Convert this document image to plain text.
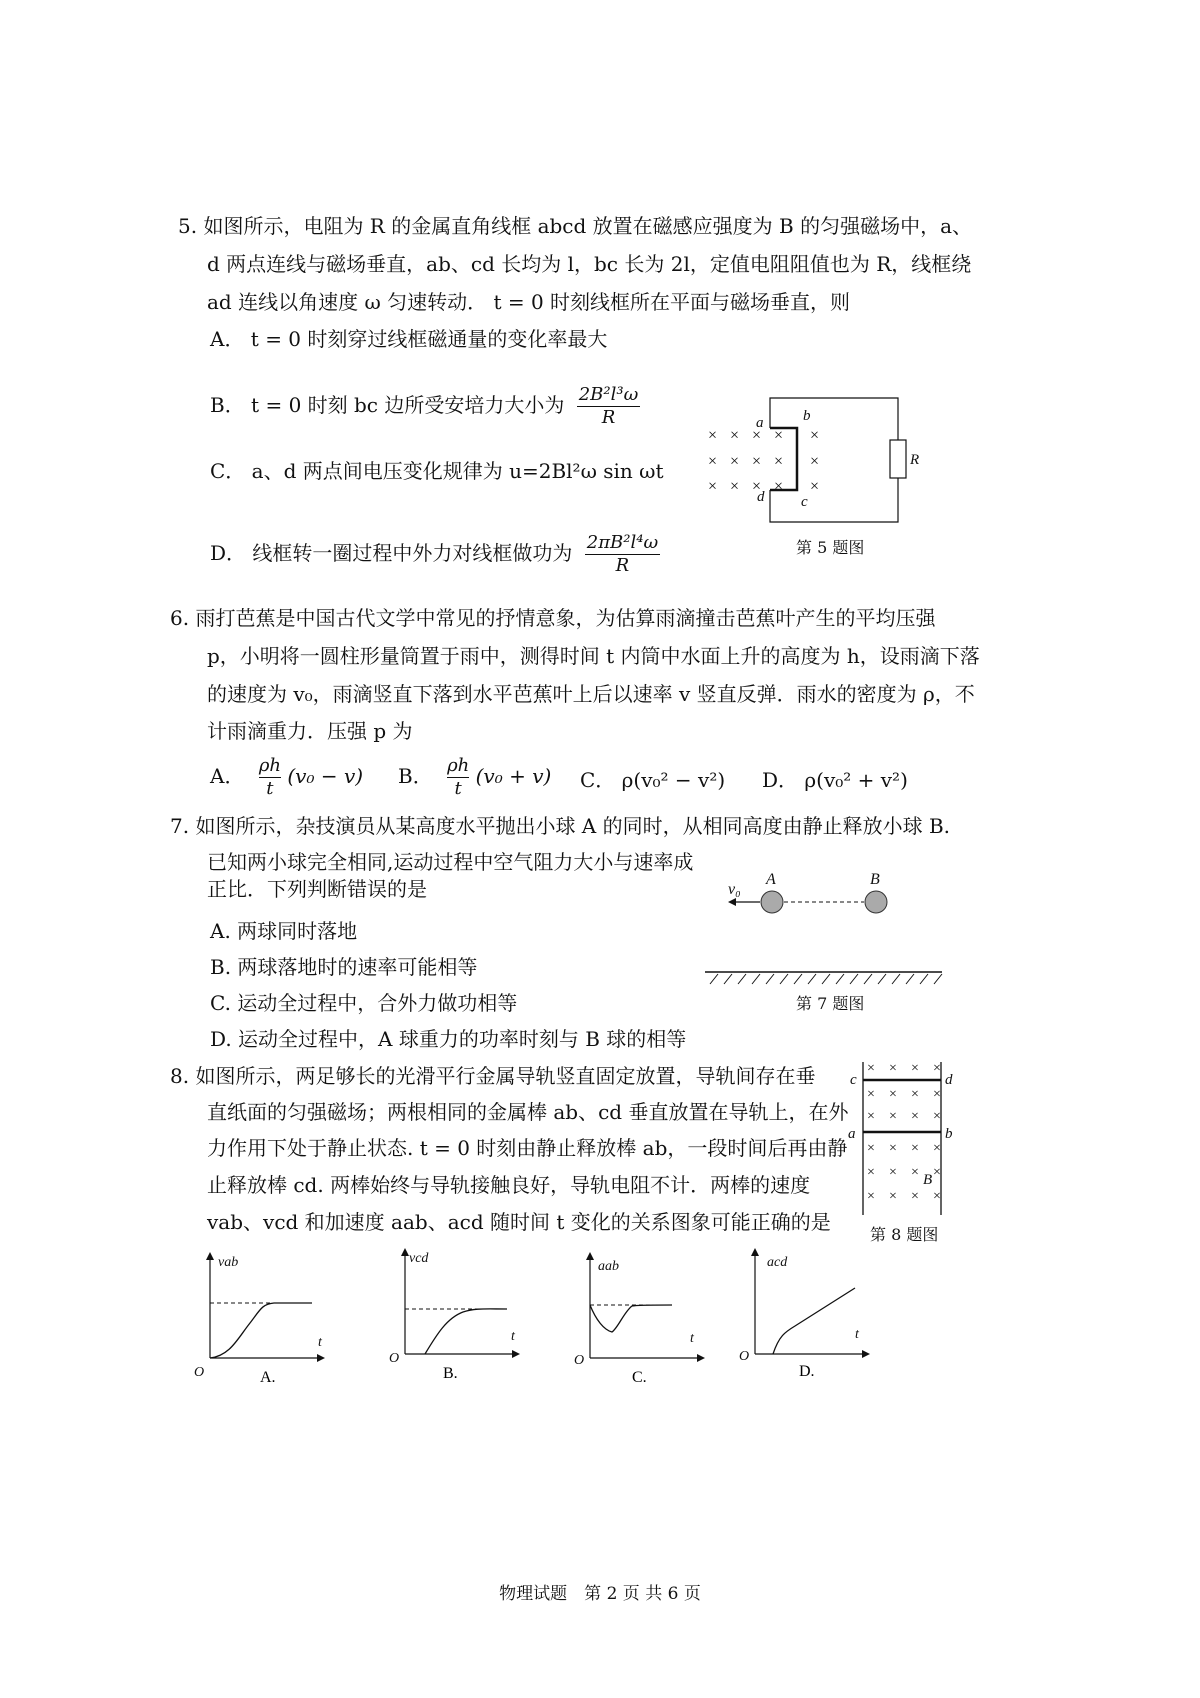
5. 如图所示，电阻为 R 的金属直角线框 abcd 放置在磁感应强度为 B 的匀强磁场中，a、
d 两点连线与磁场垂直，ab、cd 长均为 l，bc 长为 2l，定值电阻阻值也为 R，线框绕
ad 连线以角速度 ω 匀速转动． t = 0 时刻线框所在平面与磁场垂直，则
A． t = 0 时刻穿过线框磁通量的变化率最大
B． t = 0 时刻 bc 边所受安培力大小为 $\frac{\text{2B²l³ω}}{R}$
C． a、d 两点间电压变化规律为 u=2Bl²ω sin ωt
D． 线框转一圈过程中外力对线框做功为 $\frac{\text{2πB²l⁴ω}}{R}$
× × × × ×
× × × × ×
× × × × ×
a	b
c
d
R
第 5 题图
6. 雨打芭蕉是中国古代文学中常见的抒情意象，为估算雨滴撞击芭蕉叶产生的平均压强
p，小明将一圆柱形量筒置于雨中，测得时间 t 内筒中水面上升的高度为 h，设雨滴下落
的速度为 v₀，雨滴竖直下落到水平芭蕉叶上后以速率 v 竖直反弹．雨水的密度为 ρ，不
计雨滴重力．压强 p 为
A． $\frac{\rho h}{t} (v_0 - v)$ B． $\frac{\rho h}{t} (v_0 + v)$ C． ρ(v₀² − v²) D． ρ(v₀² + v²)
7. 如图所示，杂技演员从某高度水平抛出小球 A 的同时，从相同高度由静止释放小球 B.
已知两小球完全相同,运动过程中空气阻力大小与速率成
正比．下列判断错误的是
A. 两球同时落地
B. 两球落地时的速率可能相等
C. 运动全过程中，合外力做功相等
D. 运动全过程中，A 球重力的功率时刻与 B 球的相等
v₀
A	B
第 7 题图
8. 如图所示，两足够长的光滑平行金属导轨竖直固定放置，导轨间存在垂
直纸面的匀强磁场；两根相同的金属棒 ab、cd 垂直放置在导轨上，在外
力作用下处于静止状态. t = 0 时刻由静止释放棒 ab，一段时间后再由静
止释放棒 cd. 两棒始终与导轨接触良好，导轨电阻不计．两棒的速度
vab、vcd 和加速度 aab、acd 随时间 t 变化的关系图象可能正确的是
× × × ×
× × × ×
× × × ×
× × × ×
× × × ×
× × × ×
c	d
a	b
B
第 8 题图
vab
t
O	A.
vcd
t
O
B.
aab
t
O
C.
acd
t
O
D.
物理试题　第 2 页 共 6 页
